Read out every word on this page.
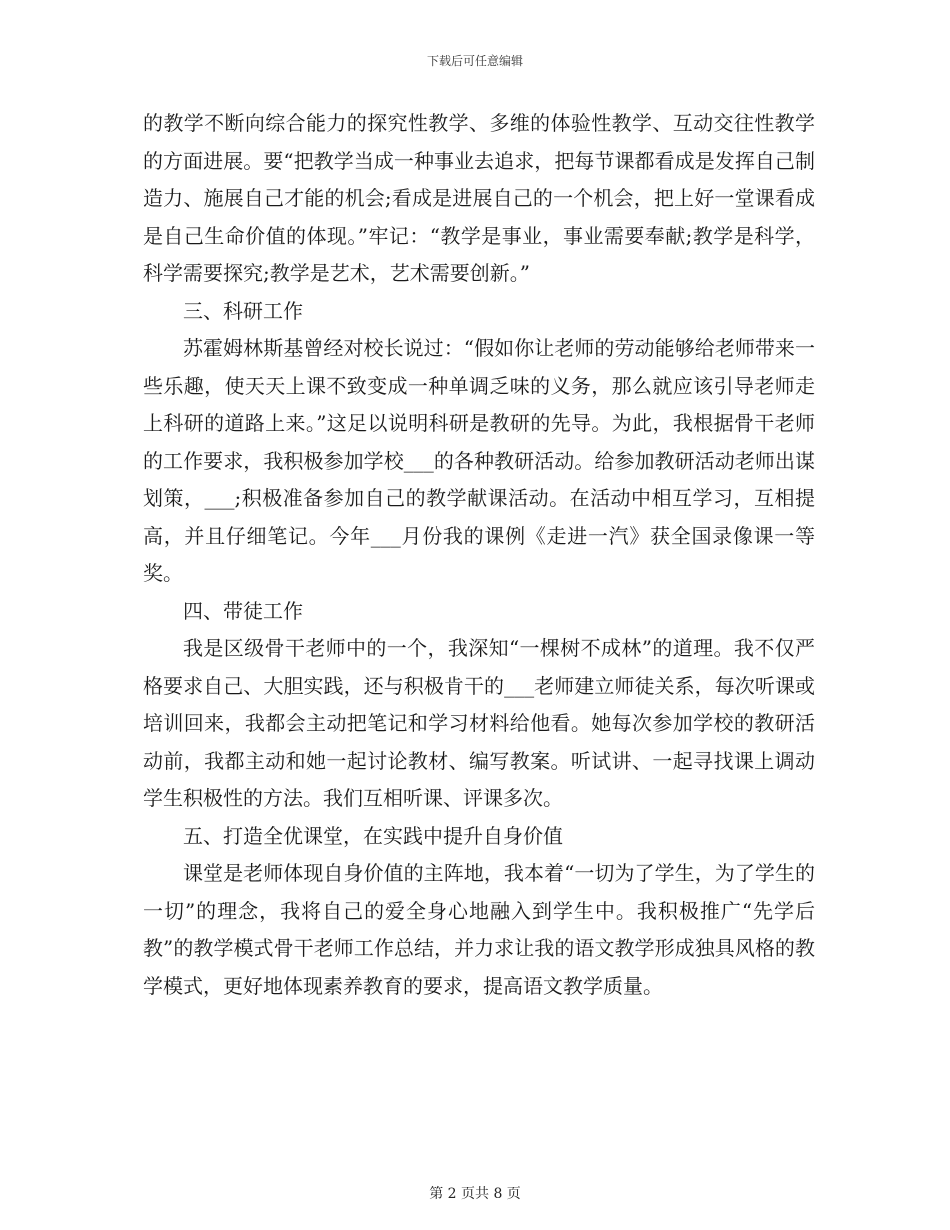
下载后可任意编辑

的教学不断向综合能力的探究性教学、多维的体验性教学、互动交往性教学的方面进展。要“把教学当成一种事业去追求，把每节课都看成是发挥自己制造力、施展自己才能的机会;看成是进展自己的一个机会，把上好一堂课看成是自己生命价值的体现。”牢记：“教学是事业，事业需要奉献;教学是科学，科学需要探究;教学是艺术，艺术需要创新。”

三、科研工作

苏霍姆林斯基曾经对校长说过：“假如你让老师的劳动能够给老师带来一些乐趣，使天天上课不致变成一种单调乏味的义务，那么就应该引导老师走上科研的道路上来。”这足以说明科研是教研的先导。为此，我根据骨干老师的工作要求，我积极参加学校___的各种教研活动。给参加教研活动老师出谋划策，___;积极准备参加自己的教学献课活动。在活动中相互学习，互相提高，并且仔细笔记。今年___月份我的课例《走进一汽》获全国录像课一等奖。

四、带徒工作

我是区级骨干老师中的一个，我深知“一棵树不成林”的道理。我不仅严格要求自己、大胆实践，还与积极肯干的___老师建立师徒关系，每次听课或培训回来，我都会主动把笔记和学习材料给他看。她每次参加学校的教研活动前，我都主动和她一起讨论教材、编写教案。听试讲、一起寻找课上调动学生积极性的方法。我们互相听课、评课多次。

五、打造全优课堂，在实践中提升自身价值

课堂是老师体现自身价值的主阵地，我本着“一切为了学生，为了学生的一切”的理念，我将自己的爱全身心地融入到学生中。我积极推广“先学后教”的教学模式骨干老师工作总结，并力求让我的语文教学形成独具风格的教学模式，更好地体现素养教育的要求，提高语文教学质量。

第 2 页共 8 页
